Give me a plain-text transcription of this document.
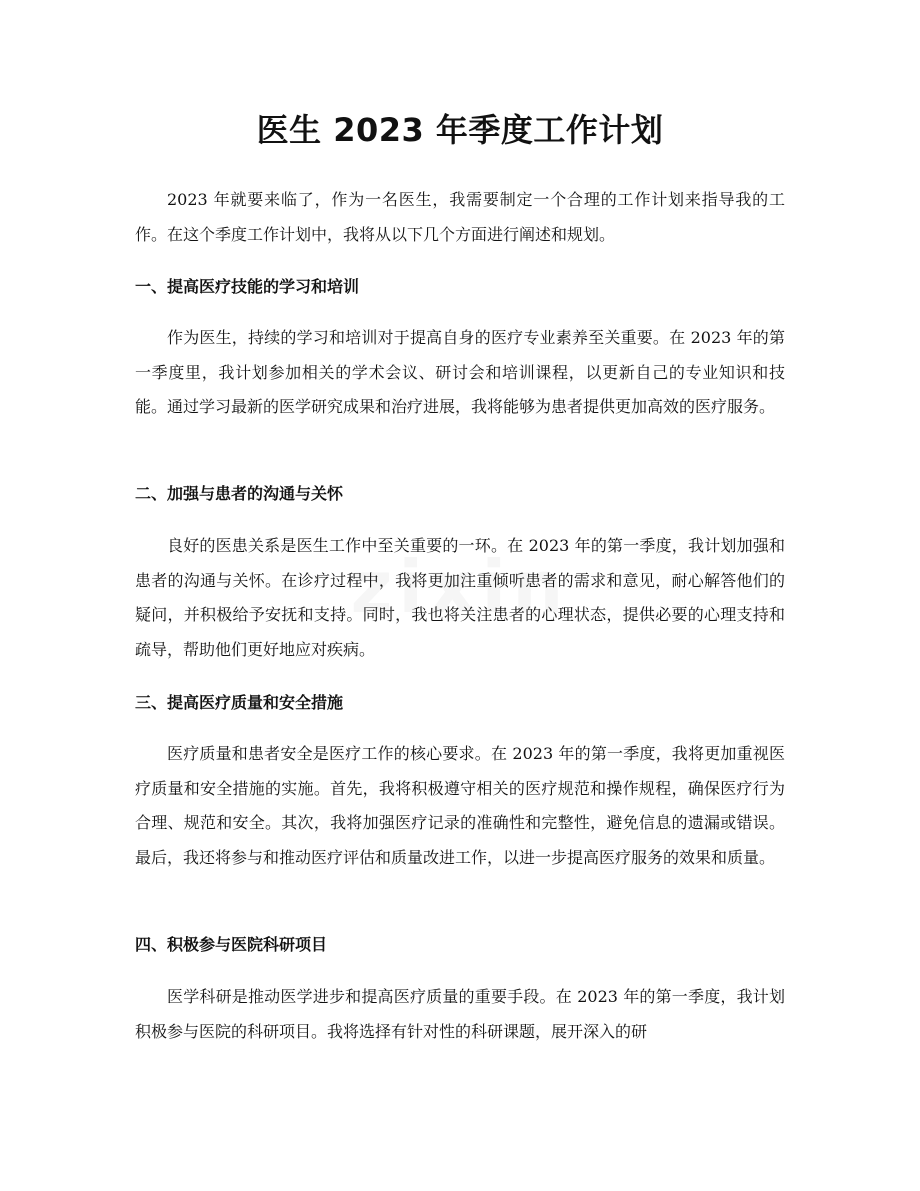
医生 2023 年季度工作计划

2023 年就要来临了，作为一名医生，我需要制定一个合理的工作计划来指导我的工作。在这个季度工作计划中，我将从以下几个方面进行阐述和规划。

一、提高医疗技能的学习和培训

作为医生，持续的学习和培训对于提高自身的医疗专业素养至关重要。在 2023 年的第一季度里，我计划参加相关的学术会议、研讨会和培训课程，以更新自己的专业知识和技能。通过学习最新的医学研究成果和治疗进展，我将能够为患者提供更加高效的医疗服务。

二、加强与患者的沟通与关怀

良好的医患关系是医生工作中至关重要的一环。在 2023 年的第一季度，我计划加强和患者的沟通与关怀。在诊疗过程中，我将更加注重倾听患者的需求和意见，耐心解答他们的疑问，并积极给予安抚和支持。同时，我也将关注患者的心理状态，提供必要的心理支持和疏导，帮助他们更好地应对疾病。

三、提高医疗质量和安全措施

医疗质量和患者安全是医疗工作的核心要求。在 2023 年的第一季度，我将更加重视医疗质量和安全措施的实施。首先，我将积极遵守相关的医疗规范和操作规程，确保医疗行为合理、规范和安全。其次，我将加强医疗记录的准确性和完整性，避免信息的遗漏或错误。最后，我还将参与和推动医疗评估和质量改进工作，以进一步提高医疗服务的效果和质量。

四、积极参与医院科研项目

医学科研是推动医学进步和提高医疗质量的重要手段。在 2023 年的第一季度，我计划积极参与医院的科研项目。我将选择有针对性的科研课题，展开深入的研
